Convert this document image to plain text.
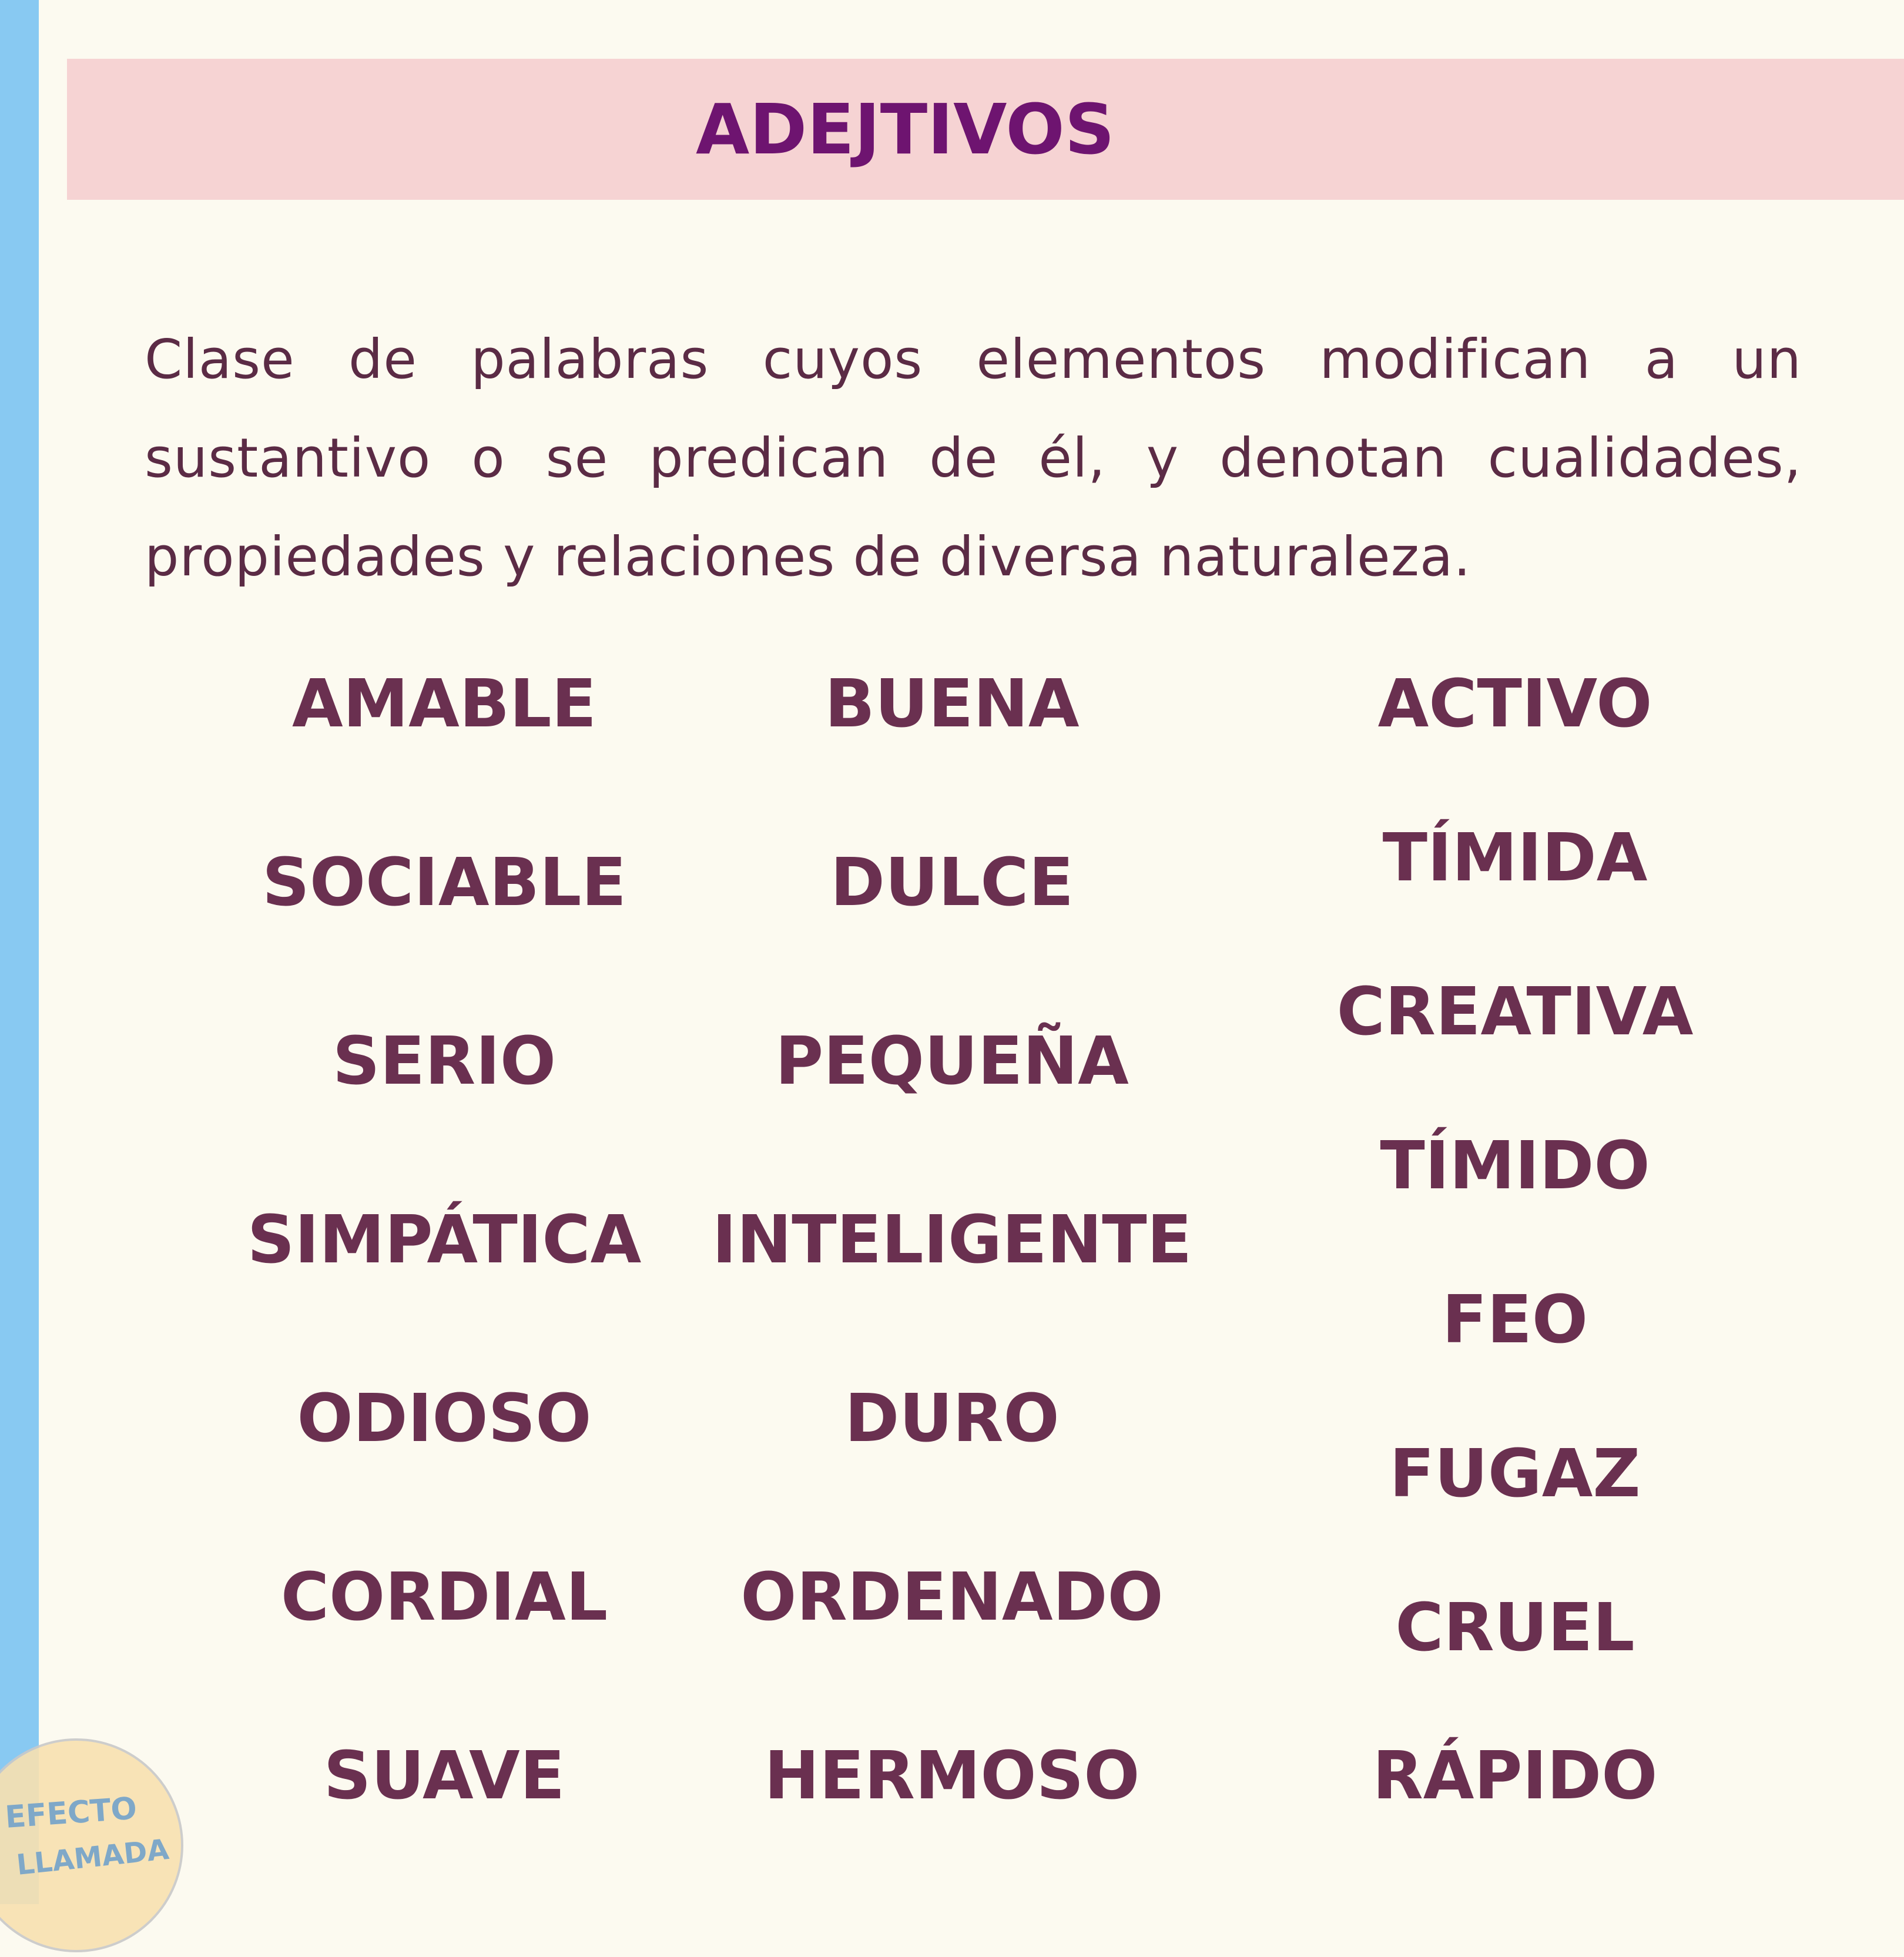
ADEJTIVOS
Clase de palabras cuyos elementos modifican a un sustantivo o se predican de él, y denotan cualidades, propiedades y relaciones de diversa naturaleza.
AMABLE
SOCIABLE
SERIO
SIMPÁTICA
ODIOSO
CORDIAL
SUAVE
BUENA
DULCE
PEQUEÑA
INTELIGENTE
DURO
ORDENADO
HERMOSO
ACTIVO
TÍMIDA
CREATIVA
TÍMIDO
FEO
FUGAZ
CRUEL
RÁPIDO
EFECTO
LLAMADA
